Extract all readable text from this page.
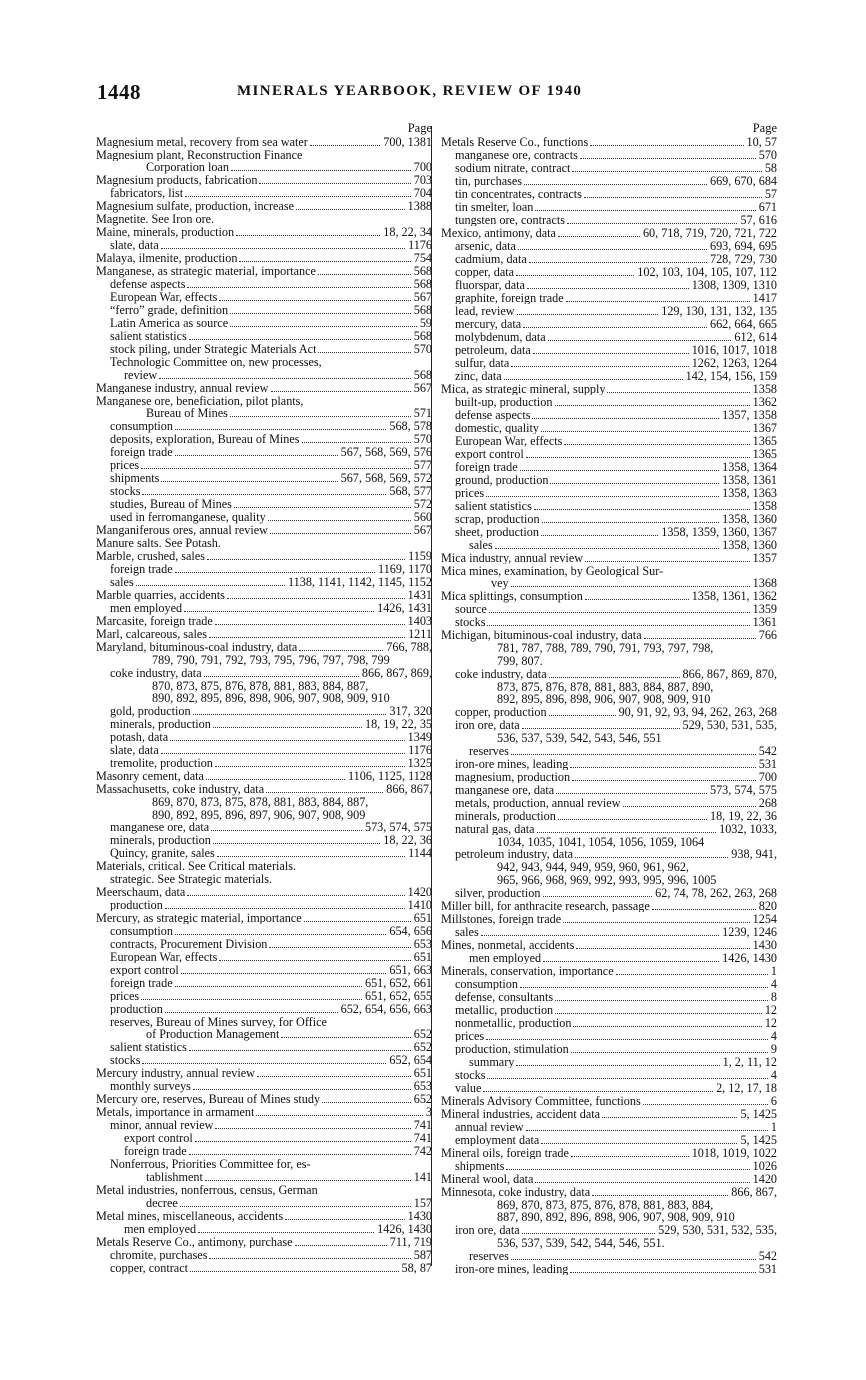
1448	MINERALS YEARBOOK, REVIEW OF 1940
Page
Magnesium metal, recovery from sea water	700, 1381
Magnesium plant, Reconstruction Finance
Corporation loan	700
Magnesium products, fabrication	703
fabricators, list	704
Magnesium sulfate, production, increase	1388
Magnetite. See Iron ore.
Maine, minerals, production	18, 22, 34
slate, data	1176
Malaya, ilmenite, production	754
Manganese, as strategic material, importance	568
defense aspects	568
European War, effects	567
“ferro” grade, definition	568
Latin America as source	59
salient statistics	568
stock piling, under Strategic Materials Act	570
Technologic Committee on, new processes,
review	568
Manganese industry, annual review	567
Manganese ore, beneficiation, pilot plants,
Bureau of Mines	571
consumption	568, 578
deposits, exploration, Bureau of Mines	570
foreign trade	567, 568, 569, 576
prices	577
shipments	567, 568, 569, 572
stocks	568, 577
studies, Bureau of Mines	572
used in ferromanganese, quality	560
Manganiferous ores, annual review	567
Manure salts. See Potash.
Marble, crushed, sales	1159
foreign trade	1169, 1170
sales	1138, 1141, 1142, 1145, 1152
Marble quarries, accidents	1431
men employed	1426, 1431
Marcasite, foreign trade	1403
Marl, calcareous, sales	1211
Maryland, bituminous-coal industry, data	766, 788,
789, 790, 791, 792, 793, 795, 796, 797, 798, 799
coke industry, data	866, 867, 869,
870, 873, 875, 876, 878, 881, 883, 884, 887,
890, 892, 895, 896, 898, 906, 907, 908, 909, 910
gold, production	317, 320
minerals, production	18, 19, 22, 35
potash, data	1349
slate, data	1176
tremolite, production	1325
Masonry cement, data	1106, 1125, 1128
Massachusetts, coke industry, data	866, 867,
869, 870, 873, 875, 878, 881, 883, 884, 887,
890, 892, 895, 896, 897, 906, 907, 908, 909
manganese ore, data	573, 574, 575
minerals, production	18, 22, 36
Quincy, granite, sales	1144
Materials, critical. See Critical materials.
strategic. See Strategic materials.
Meerschaum, data	1420
production	1410
Mercury, as strategic material, importance	651
consumption	654, 656
contracts, Procurement Division	653
European War, effects	651
export control	651, 663
foreign trade	651, 652, 661
prices	651, 652, 655
production	652, 654, 656, 663
reserves, Bureau of Mines survey, for Office
of Production Management	652
salient statistics	652
stocks	652, 654
Mercury industry, annual review	651
monthly surveys	653
Mercury ore, reserves, Bureau of Mines study	652
Metals, importance in armament	3
minor, annual review	741
export control	741
foreign trade	742
Nonferrous, Priorities Committee for, es-
tablishment	141
Metal industries, nonferrous, census, German
decree	157
Metal mines, miscellaneous, accidents	1430
men employed	1426, 1430
Metals Reserve Co., antimony, purchase	711, 719
chromite, purchases	587
copper, contract	58, 87
Page
Metals Reserve Co., functions	10, 57
manganese ore, contracts	570
sodium nitrate, contract	58
tin, purchases	669, 670, 684
tin concentrates, contracts	57
tin smelter, loan	671
tungsten ore, contracts	57, 616
Mexico, antimony, data	60, 718, 719, 720, 721, 722
arsenic, data	693, 694, 695
cadmium, data	728, 729, 730
copper, data	102, 103, 104, 105, 107, 112
fluorspar, data	1308, 1309, 1310
graphite, foreign trade	1417
lead, review	129, 130, 131, 132, 135
mercury, data	662, 664, 665
molybdenum, data	612, 614
petroleum, data	1016, 1017, 1018
sulfur, data	1262, 1263, 1264
zinc, data	142, 154, 156, 159
Mica, as strategic mineral, supply	1358
built-up, production	1362
defense aspects	1357, 1358
domestic, quality	1367
European War, effects	1365
export control	1365
foreign trade	1358, 1364
ground, production	1358, 1361
prices	1358, 1363
salient statistics	1358
scrap, production	1358, 1360
sheet, production	1358, 1359, 1360, 1367
sales	1358, 1360
Mica industry, annual review	1357
Mica mines, examination, by Geological Sur-
vey	1368
Mica splittings, consumption	1358, 1361, 1362
source	1359
stocks	1361
Michigan, bituminous-coal industry, data	766
781, 787, 788, 789, 790, 791, 793, 797, 798,
799, 807.
coke industry, data	866, 867, 869, 870,
873, 875, 876, 878, 881, 883, 884, 887, 890,
892, 895, 896, 898, 906, 907, 908, 909, 910
copper, production	90, 91, 92, 93, 94, 262, 263, 268
iron ore, data	529, 530, 531, 535,
536, 537, 539, 542, 543, 546, 551
reserves	542
iron-ore mines, leading	531
magnesium, production	700
manganese ore, data	573, 574, 575
metals, production, annual review	268
minerals, production	18, 19, 22, 36
natural gas, data	1032, 1033,
1034, 1035, 1041, 1054, 1056, 1059, 1064
petroleum industry, data	938, 941,
942, 943, 944, 949, 959, 960, 961, 962,
965, 966, 968, 969, 992, 993, 995, 996, 1005
silver, production	62, 74, 78, 262, 263, 268
Miller bill, for anthracite research, passage	820
Millstones, foreign trade	1254
sales	1239, 1246
Mines, nonmetal, accidents	1430
men employed	1426, 1430
Minerals, conservation, importance	1
consumption	4
defense, consultants	8
metallic, production	12
nonmetallic, production	12
prices	4
production, stimulation	9
summary	1, 2, 11, 12
stocks	4
value	2, 12, 17, 18
Minerals Advisory Committee, functions	6
Mineral industries, accident data	5, 1425
annual review	1
employment data	5, 1425
Mineral oils, foreign trade	1018, 1019, 1022
shipments	1026
Mineral wool, data	1420
Minnesota, coke industry, data	866, 867,
869, 870, 873, 875, 876, 878, 881, 883, 884,
887, 890, 892, 896, 898, 906, 907, 908, 909, 910
iron ore, data	529, 530, 531, 532, 535,
536, 537, 539, 542, 544, 546, 551.
reserves	542
iron-ore mines, leading	531
